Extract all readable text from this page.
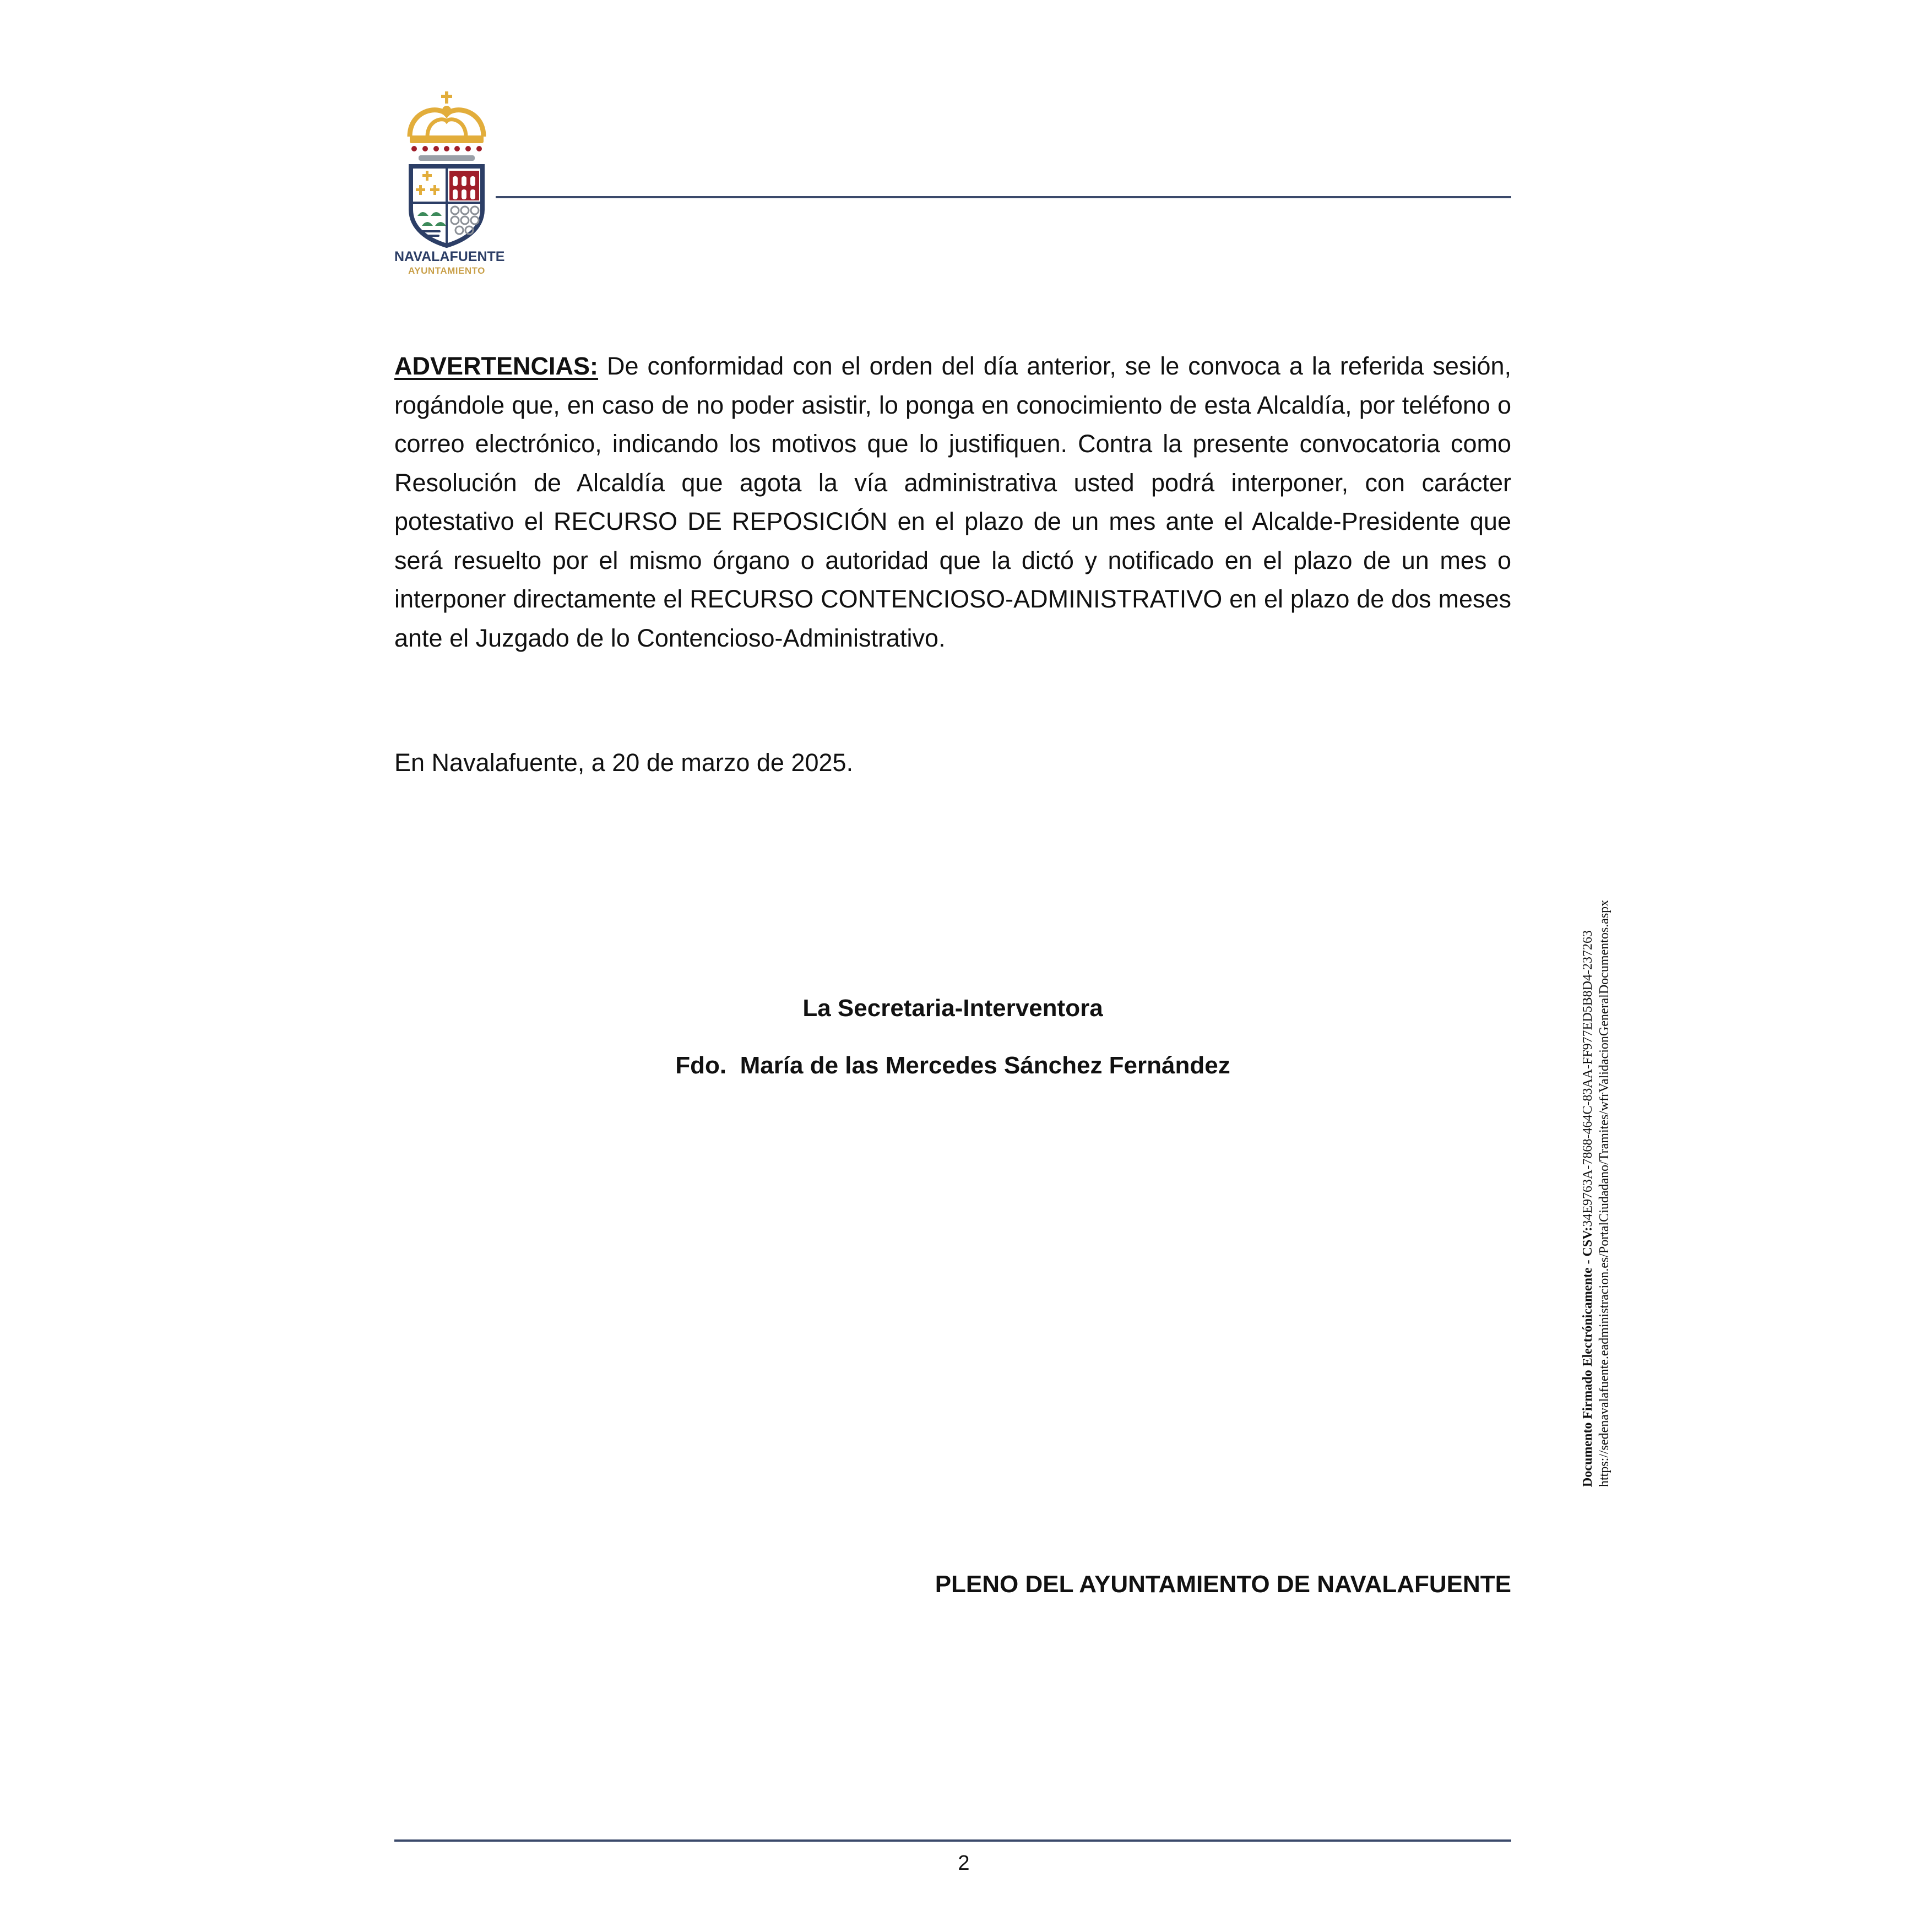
NAVALAFUENTE
AYUNTAMIENTO

ADVERTENCIAS: De conformidad con el orden del día anterior, se le convoca a la referida sesión, rogándole que, en caso de no poder asistir, lo ponga en conocimiento de esta Alcaldía, por teléfono o correo electrónico, indicando los motivos que lo justifiquen. Contra la presente convocatoria como Resolución de Alcaldía que agota la vía administrativa usted podrá interponer, con carácter potestativo el RECURSO DE REPOSICIÓN en el plazo de un mes ante el Alcalde-Presidente que será resuelto por el mismo órgano o autoridad que la dictó y notificado en el plazo de un mes o interponer directamente el RECURSO CONTENCIOSO-ADMINISTRATIVO en el plazo de dos meses ante el Juzgado de lo Contencioso-Administrativo.

En Navalafuente, a 20 de marzo de 2025.
La Secretaria-Interventora
Fdo.  María de las Mercedes Sánchez Fernández
PLENO DEL AYUNTAMIENTO DE NAVALAFUENTE
Documento Firmado Electrónicamente - CSV:34E9763A-7868-464C-83AA-FF977ED5B8D4-237263 https://sedenavalafuente.eadministracion.es/PortalCiudadano/Tramites/wfrValidacionGeneralDocumentos.aspx
2
